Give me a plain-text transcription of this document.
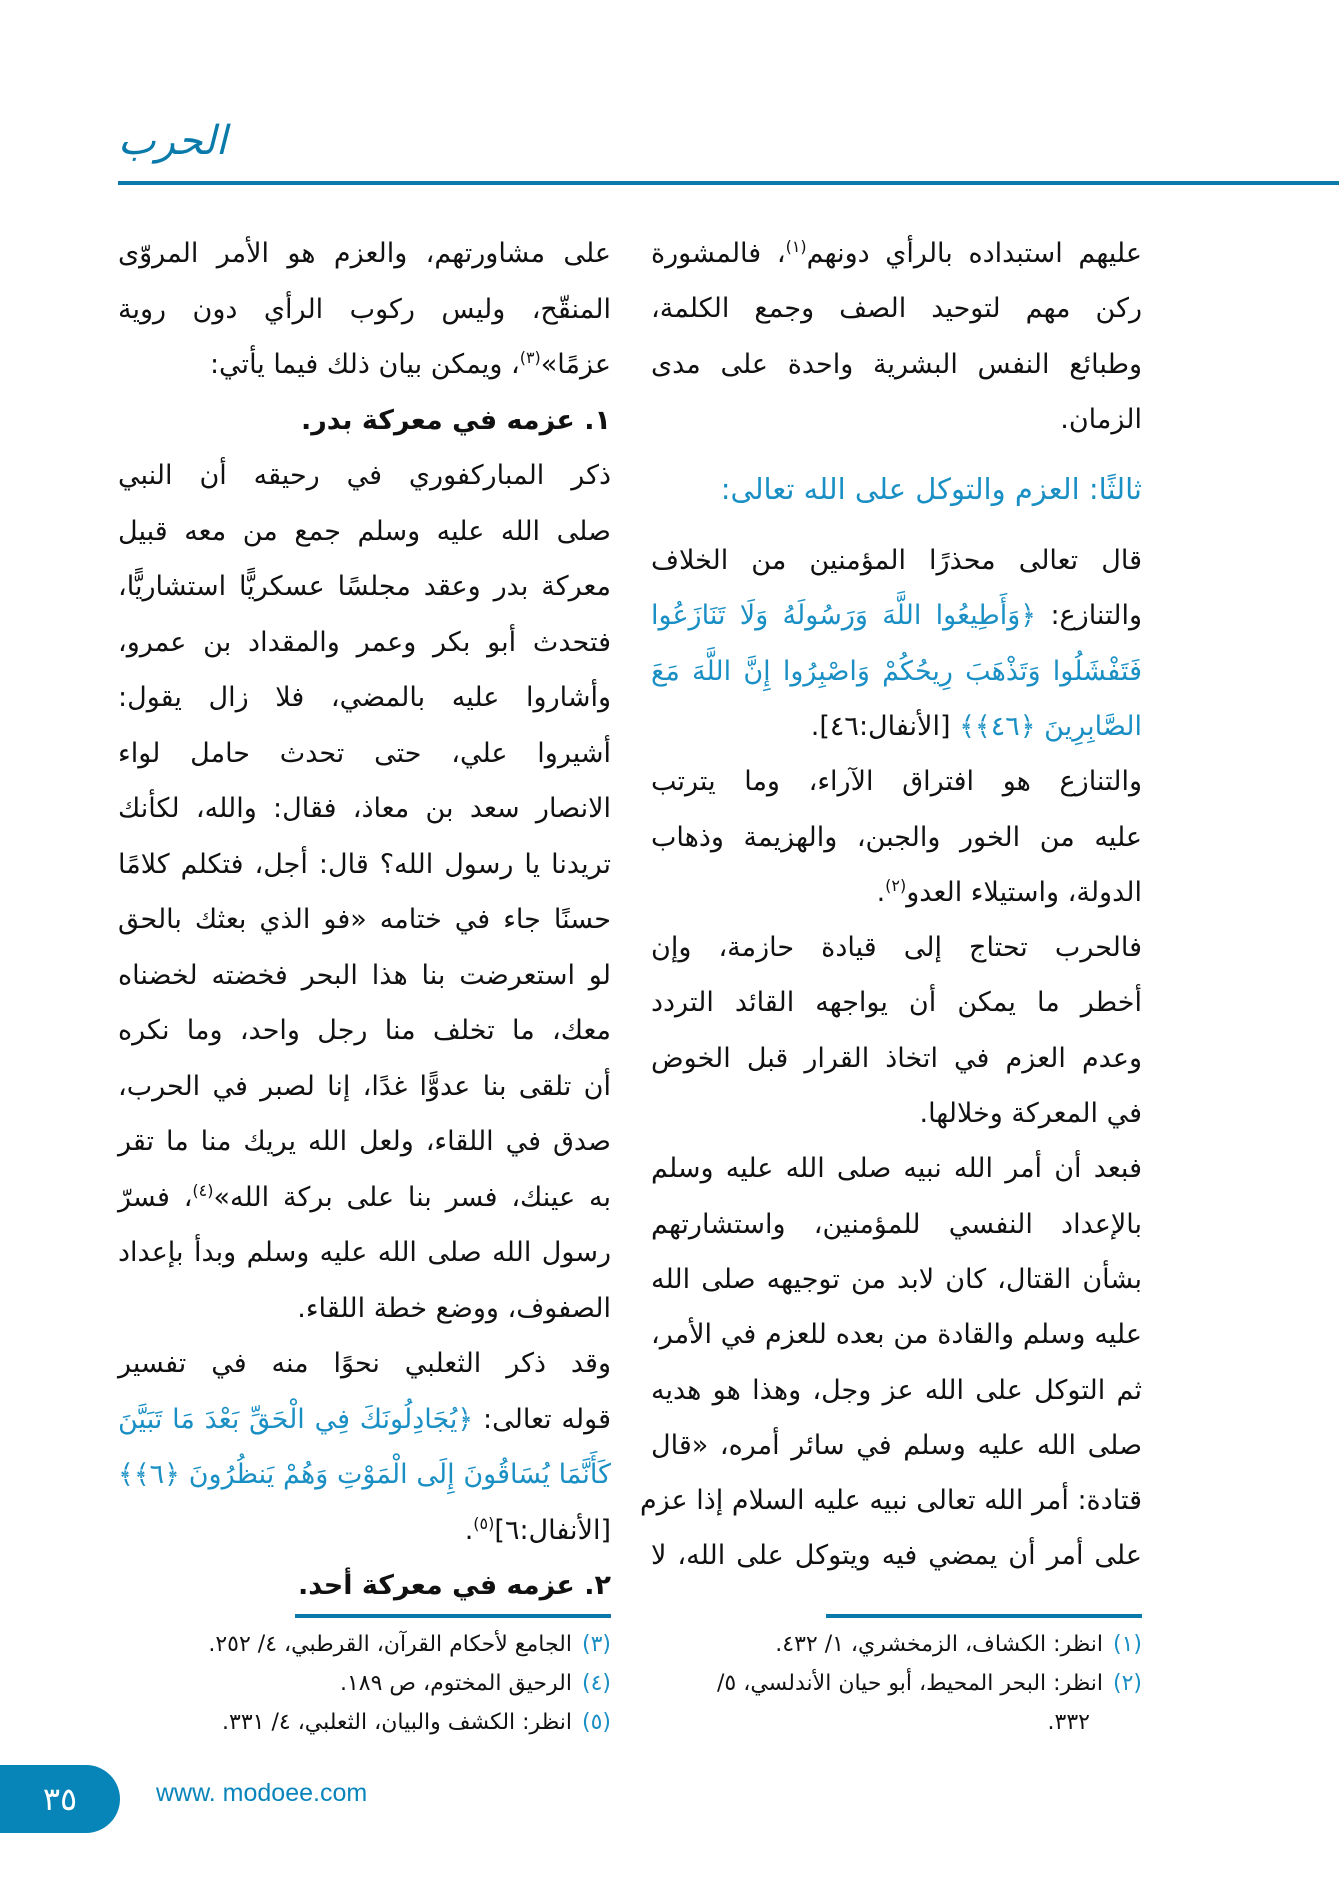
الحرب
عليهم استبداده بالرأي دونهم$^{(١)}$، فالمشورة
ركن مهم لتوحيد الصف وجمع الكلمة،
وطبائع النفس البشرية واحدة على مدى
الزمان.
ثالثًا: العزم والتوكل على الله تعالى:
قال تعالى محذرًا المؤمنين من الخلاف
والتنازع: ﴿وَأَطِيعُوا اللَّهَ وَرَسُولَهُ وَلَا تَنَازَعُوا
فَتَفْشَلُوا وَتَذْهَبَ رِيحُكُمْ وَاصْبِرُوا إِنَّ اللَّهَ مَعَ
الصَّابِرِينَ ﴿٤٦﴾﴾ [الأنفال:٤٦].
والتنازع هو افتراق الآراء، وما يترتب
عليه من الخور والجبن، والهزيمة وذهاب
الدولة، واستيلاء العدو$^{(٢)}$.
فالحرب تحتاج إلى قيادة حازمة، وإن
أخطر ما يمكن أن يواجهه القائد التردد
وعدم العزم في اتخاذ القرار قبل الخوض
في المعركة وخلالها.
فبعد أن أمر الله نبيه صلى الله عليه وسلم
بالإعداد النفسي للمؤمنين، واستشارتهم
بشأن القتال، كان لابد من توجيهه صلى الله
عليه وسلم والقادة من بعده للعزم في الأمر،
ثم التوكل على الله عز وجل، وهذا هو هديه
صلى الله عليه وسلم في سائر أمره، «قال
قتادة: أمر الله تعالى نبيه عليه السلام إذا عزم
على أمر أن يمضي فيه ويتوكل على الله، لا
على مشاورتهم، والعزم هو الأمر المروّى
المنقّح، وليس ركوب الرأي دون روية
عزمًا»$^{(٣)}$، ويمكن بيان ذلك فيما يأتي:
١. عزمه في معركة بدر.
ذكر المباركفوري في رحيقه أن النبي
صلى الله عليه وسلم جمع من معه قبيل
معركة بدر وعقد مجلسًا عسكريًّا استشاريًّا،
فتحدث أبو بكر وعمر والمقداد بن عمرو،
وأشاروا عليه بالمضي، فلا زال يقول:
أشيروا علي، حتى تحدث حامل لواء
الانصار سعد بن معاذ، فقال: والله، لكأنك
تريدنا يا رسول الله؟ قال: أجل، فتكلم كلامًا
حسنًا جاء في ختامه «فو الذي بعثك بالحق
لو استعرضت بنا هذا البحر فخضته لخضناه
معك، ما تخلف منا رجل واحد، وما نكره
أن تلقى بنا عدوًّا غدًا، إنا لصبر في الحرب،
صدق في اللقاء، ولعل الله يريك منا ما تقر
به عينك، فسر بنا على بركة الله»$^{(٤)}$، فسرّ
رسول الله صلى الله عليه وسلم وبدأ بإعداد
الصفوف، ووضع خطة اللقاء.
وقد ذكر الثعلبي نحوًا منه في تفسير
قوله تعالى: ﴿يُجَادِلُونَكَ فِي الْحَقِّ بَعْدَ مَا تَبَيَّنَ
كَأَنَّمَا يُسَاقُونَ إِلَى الْمَوْتِ وَهُمْ يَنظُرُونَ ﴿٦﴾﴾
[الأنفال:٦]$^{(٥)}$.
٢. عزمه في معركة أحد.
(١)انظر: الكشاف، الزمخشري، ١/ ٤٣٢.
(٢)انظر: البحر المحيط، أبو حيان الأندلسي، ٥/
٣٣٢.
(٣)الجامع لأحكام القرآن، القرطبي، ٤/ ٢٥٢.
(٤)الرحيق المختوم، ص ١٨٩.
(٥)انظر: الكشف والبيان، الثعلبي، ٤/ ٣٣١.
٣٥	www. modoee.com
